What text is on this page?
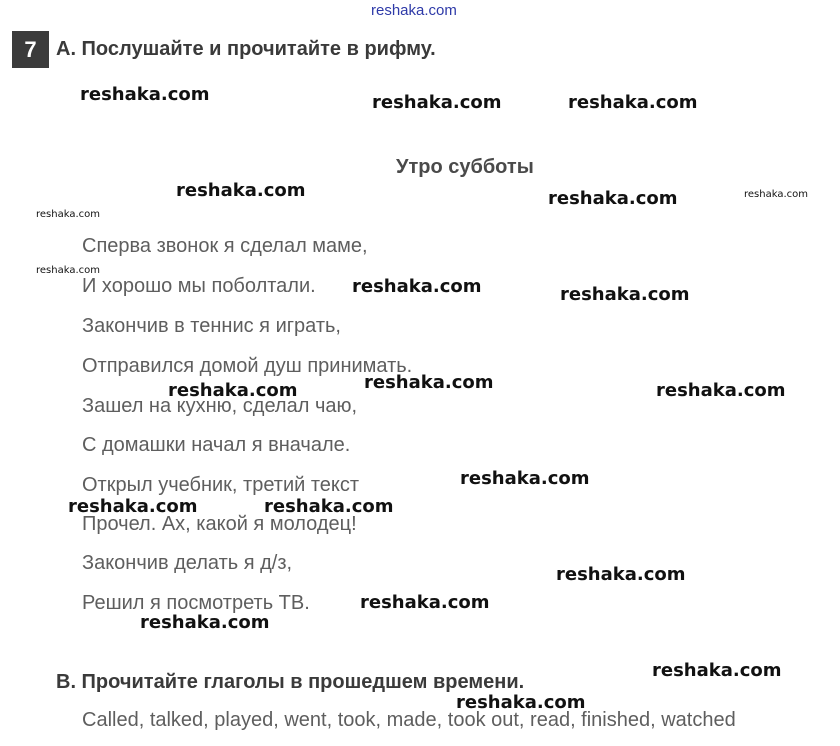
reshaka.com
7 А. Послушайте и прочитайте в рифму.
Утро субботы
Сперва звонок я сделал маме,
И хорошо мы поболтали.
Закончив в теннис я играть,
Отправился домой душ принимать.
Зашел на кухню, сделал чаю,
С домашки начал я вначале.
Открыл учебник, третий текст
Прочел. Ах, какой я молодец!
Закончив делать я д/з,
Решил я посмотреть ТВ.
В. Прочитайте глаголы в прошедшем времени.
Called, talked, played, went, took, made, took out, read, finished, watched
reshaka.com	reshaka.com	reshaka.com
reshaka.com	reshaka.com	reshaka.com
reshaka.com
reshaka.com
reshaka.com	reshaka.com
reshaka.com
reshaka.com	reshaka.com
reshaka.com
reshaka.com	reshaka.com
reshaka.com
reshaka.com
reshaka.com
reshaka.com
reshaka.com
